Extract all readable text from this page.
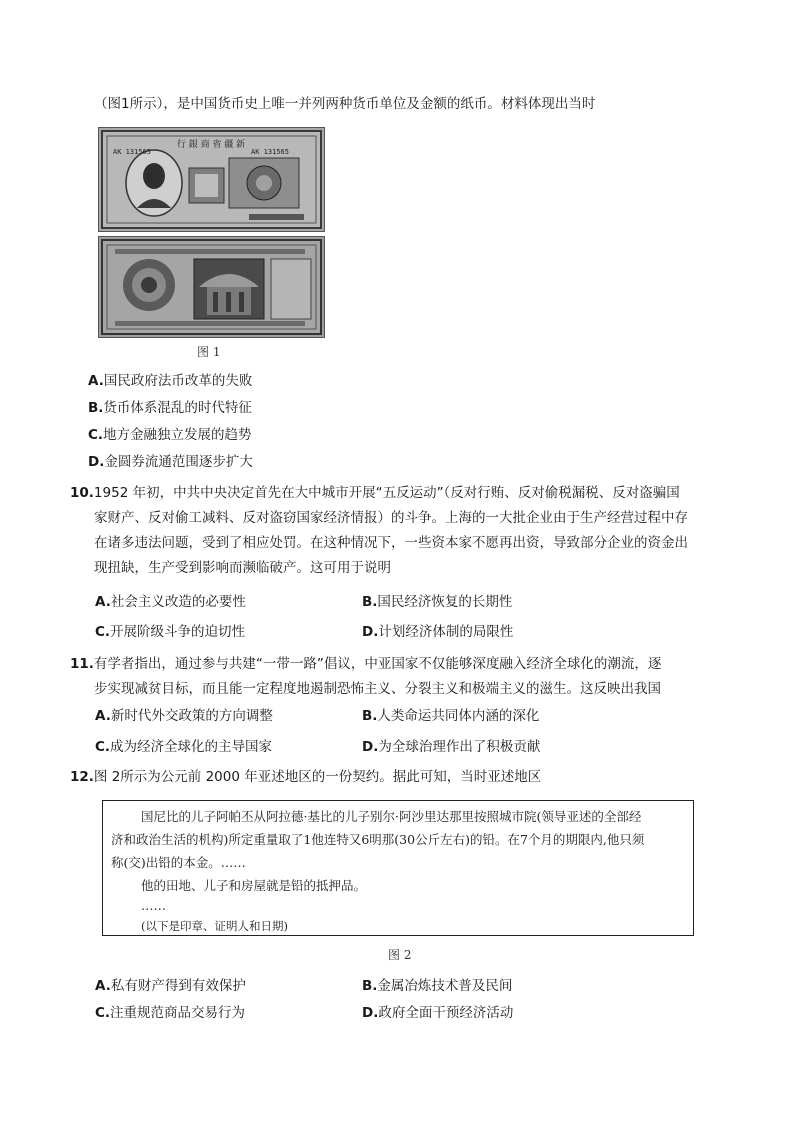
（图1所示），是中国货币史上唯一并列两种货币单位及金额的纸币。材料体现出当时
行 銀 商 省 疆 新
AK 131565	AK 131565
图 1
A.国民政府法币改革的失败
B.货币体系混乱的时代特征
C.地方金融独立发展的趋势
D.金圆券流通范围逐步扩大
10.1952 年初，中共中央决定首先在大中城市开展“五反运动”（反对行贿、反对偷税漏税、反对盗骗国
家财产、反对偷工减料、反对盗窃国家经济情报）的斗争。上海的一大批企业由于生产经营过程中存
在诸多违法问题，受到了相应处罚。在这种情况下，一些资本家不愿再出资，导致部分企业的资金出
现扭缺，生产受到影响而濒临破产。这可用于说明
A.社会主义改造的必要性	B.国民经济恢复的长期性
C.开展阶级斗争的迫切性	D.计划经济体制的局限性
11.有学者指出，通过参与共建“一带一路”倡议，中亚国家不仅能够深度融入经济全球化的潮流，逐
步实现减贫目标，而且能一定程度地遏制恐怖主义、分裂主义和极端主义的滋生。这反映出我国
A.新时代外交政策的方向调整	B.人类命运共同体内涵的深化
C.成为经济全球化的主导国家	D.为全球治理作出了积极贡献
12.图 2所示为公元前 2000 年亚述地区的一份契约。据此可知，当时亚述地区
国尼比的儿子阿帕丕从阿拉德·基比的儿子别尔·阿沙里达那里按照城市院(领导亚述的全部经
济和政治生活的机构)所定重量取了1他连特又6明那(30公斤左右)的铅。在7个月的期限内,他只须
称(交)出铅的本金。……
他的田地、儿子和房屋就是铅的抵押品。
……
(以下是印章、证明人和日期)
图 2
A.私有财产得到有效保护	B.金属冶炼技术普及民间
C.注重规范商品交易行为	D.政府全面干预经济活动
